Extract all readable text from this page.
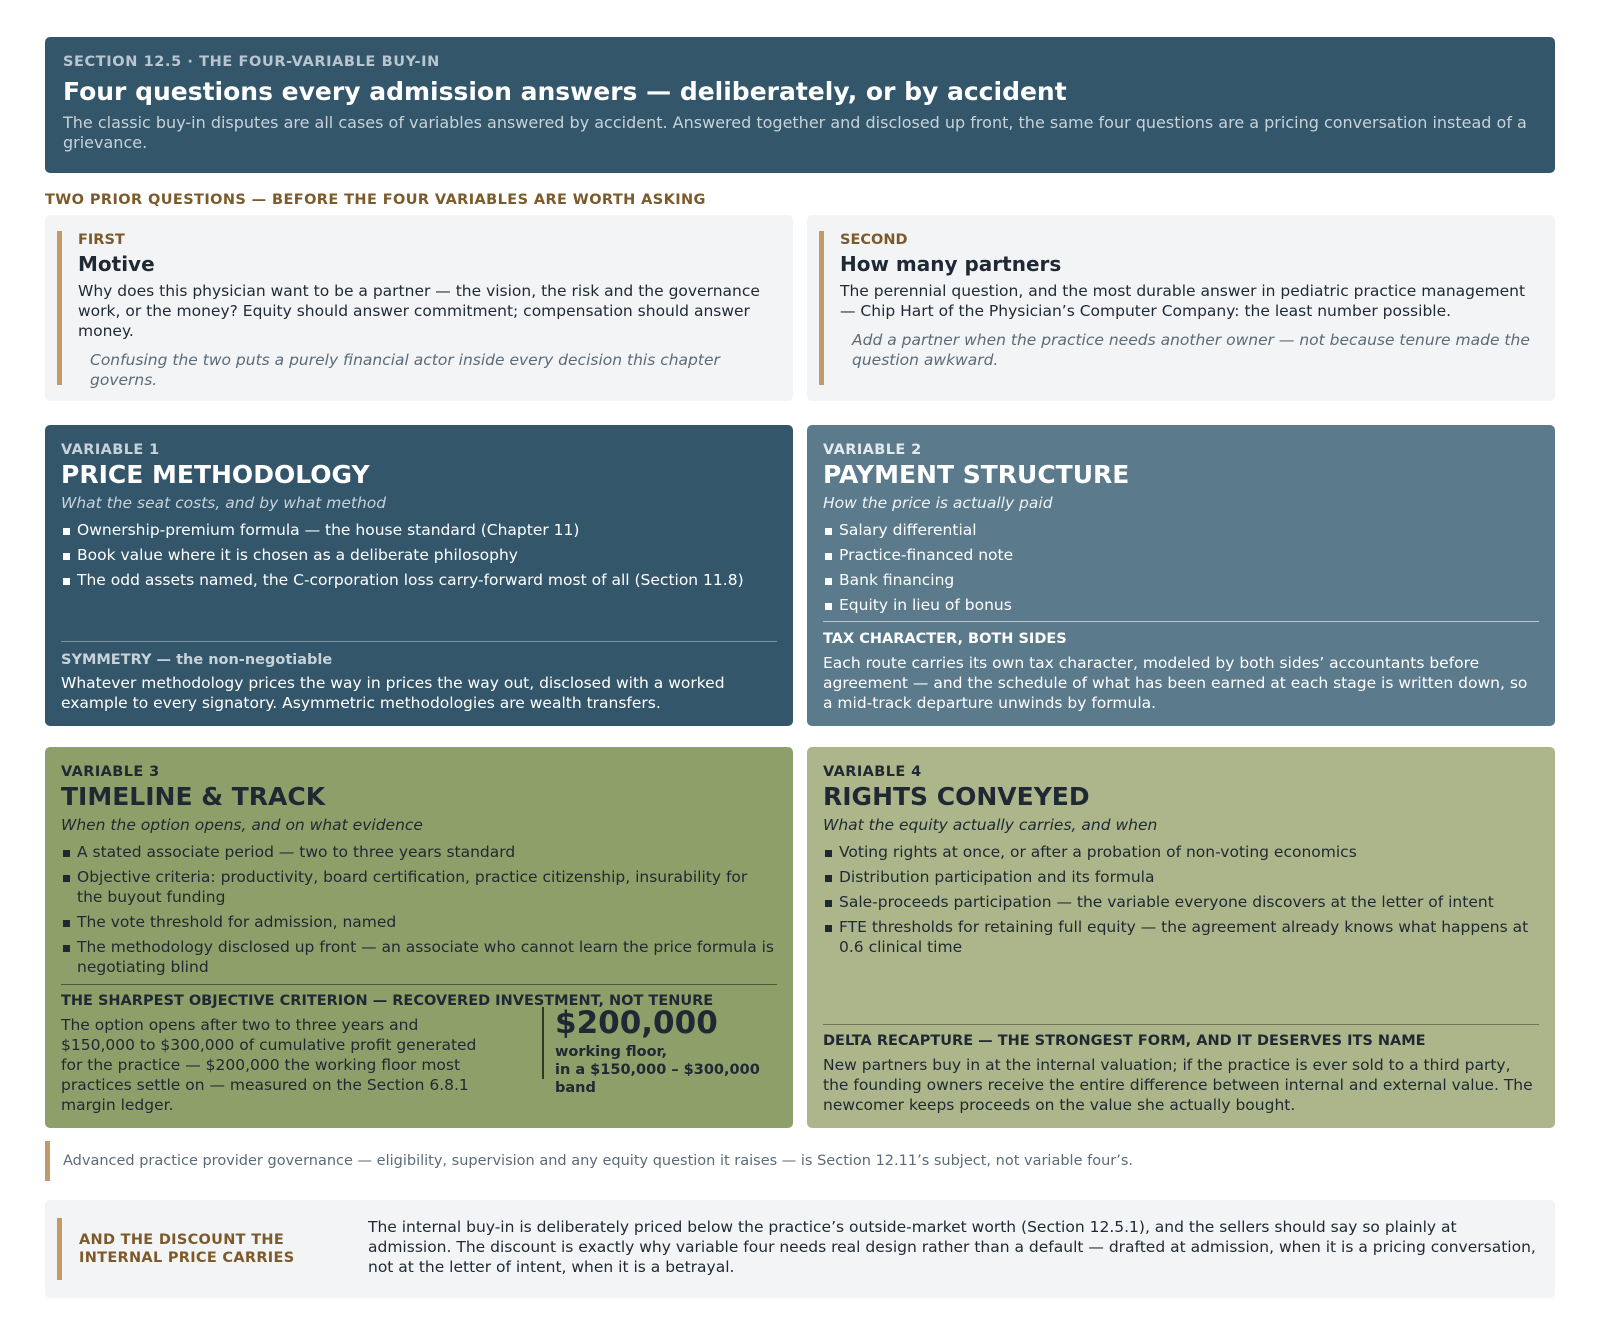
SECTION 12.5 · THE FOUR-VARIABLE BUY-IN
Four questions every admission answers — deliberately, or by accident
The classic buy-in disputes are all cases of variables answered by accident. Answered together and disclosed up front, the same four questions are a pricing conversation instead of a grievance.
TWO PRIOR QUESTIONS — BEFORE THE FOUR VARIABLES ARE WORTH ASKING
FIRST
Motive
Why does this physician want to be a partner — the vision, the risk and the governance work, or the money? Equity should answer commitment; compensation should answer money.
Confusing the two puts a purely financial actor inside every decision this chapter governs.
SECOND
How many partners
The perennial question, and the most durable answer in pediatric practice management — Chip Hart of the Physician’s Computer Company: the least number possible.
Add a partner when the practice needs another owner — not because tenure made the question awkward.
VARIABLE 1
PRICE METHODOLOGY
What the seat costs, and by what method
Ownership-premium formula — the house standard (Chapter 11)
Book value where it is chosen as a deliberate philosophy
The odd assets named, the C-corporation loss carry-forward most of all (Section 11.8)
SYMMETRY — the non-negotiable
Whatever methodology prices the way in prices the way out, disclosed with a worked example to every signatory. Asymmetric methodologies are wealth transfers.
VARIABLE 2
PAYMENT STRUCTURE
How the price is actually paid
Salary differential
Practice-financed note
Bank financing
Equity in lieu of bonus
TAX CHARACTER, BOTH SIDES
Each route carries its own tax character, modeled by both sides’ accountants before agreement — and the schedule of what has been earned at each stage is written down, so a mid-track departure unwinds by formula.
VARIABLE 3
TIMELINE & TRACK
When the option opens, and on what evidence
A stated associate period — two to three years standard
Objective criteria: productivity, board certification, practice citizenship, insurability for the buyout funding
The vote threshold for admission, named
The methodology disclosed up front — an associate who cannot learn the price formula is negotiating blind
THE SHARPEST OBJECTIVE CRITERION — RECOVERED INVESTMENT, NOT TENURE
The option opens after two to three years and $150,000 to $300,000 of cumulative profit generated for the practice — $200,000 the working floor most practices settle on — measured on the Section 6.8.1 margin ledger.
$200,000
working floor,
in a $150,000 – $300,000 band
VARIABLE 4
RIGHTS CONVEYED
What the equity actually carries, and when
Voting rights at once, or after a probation of non-voting economics
Distribution participation and its formula
Sale-proceeds participation — the variable everyone discovers at the letter of intent
FTE thresholds for retaining full equity — the agreement already knows what happens at 0.6 clinical time
DELTA RECAPTURE — THE STRONGEST FORM, AND IT DESERVES ITS NAME
New partners buy in at the internal valuation; if the practice is ever sold to a third party, the founding owners receive the entire difference between internal and external value. The newcomer keeps proceeds on the value she actually bought.
Advanced practice provider governance — eligibility, supervision and any equity question it raises — is Section 12.11’s subject, not variable four’s.
AND THE DISCOUNT THE INTERNAL PRICE CARRIES
The internal buy-in is deliberately priced below the practice’s outside-market worth (Section 12.5.1), and the sellers should say so plainly at admission. The discount is exactly why variable four needs real design rather than a default — drafted at admission, when it is a pricing conversation, not at the letter of intent, when it is a betrayal.
